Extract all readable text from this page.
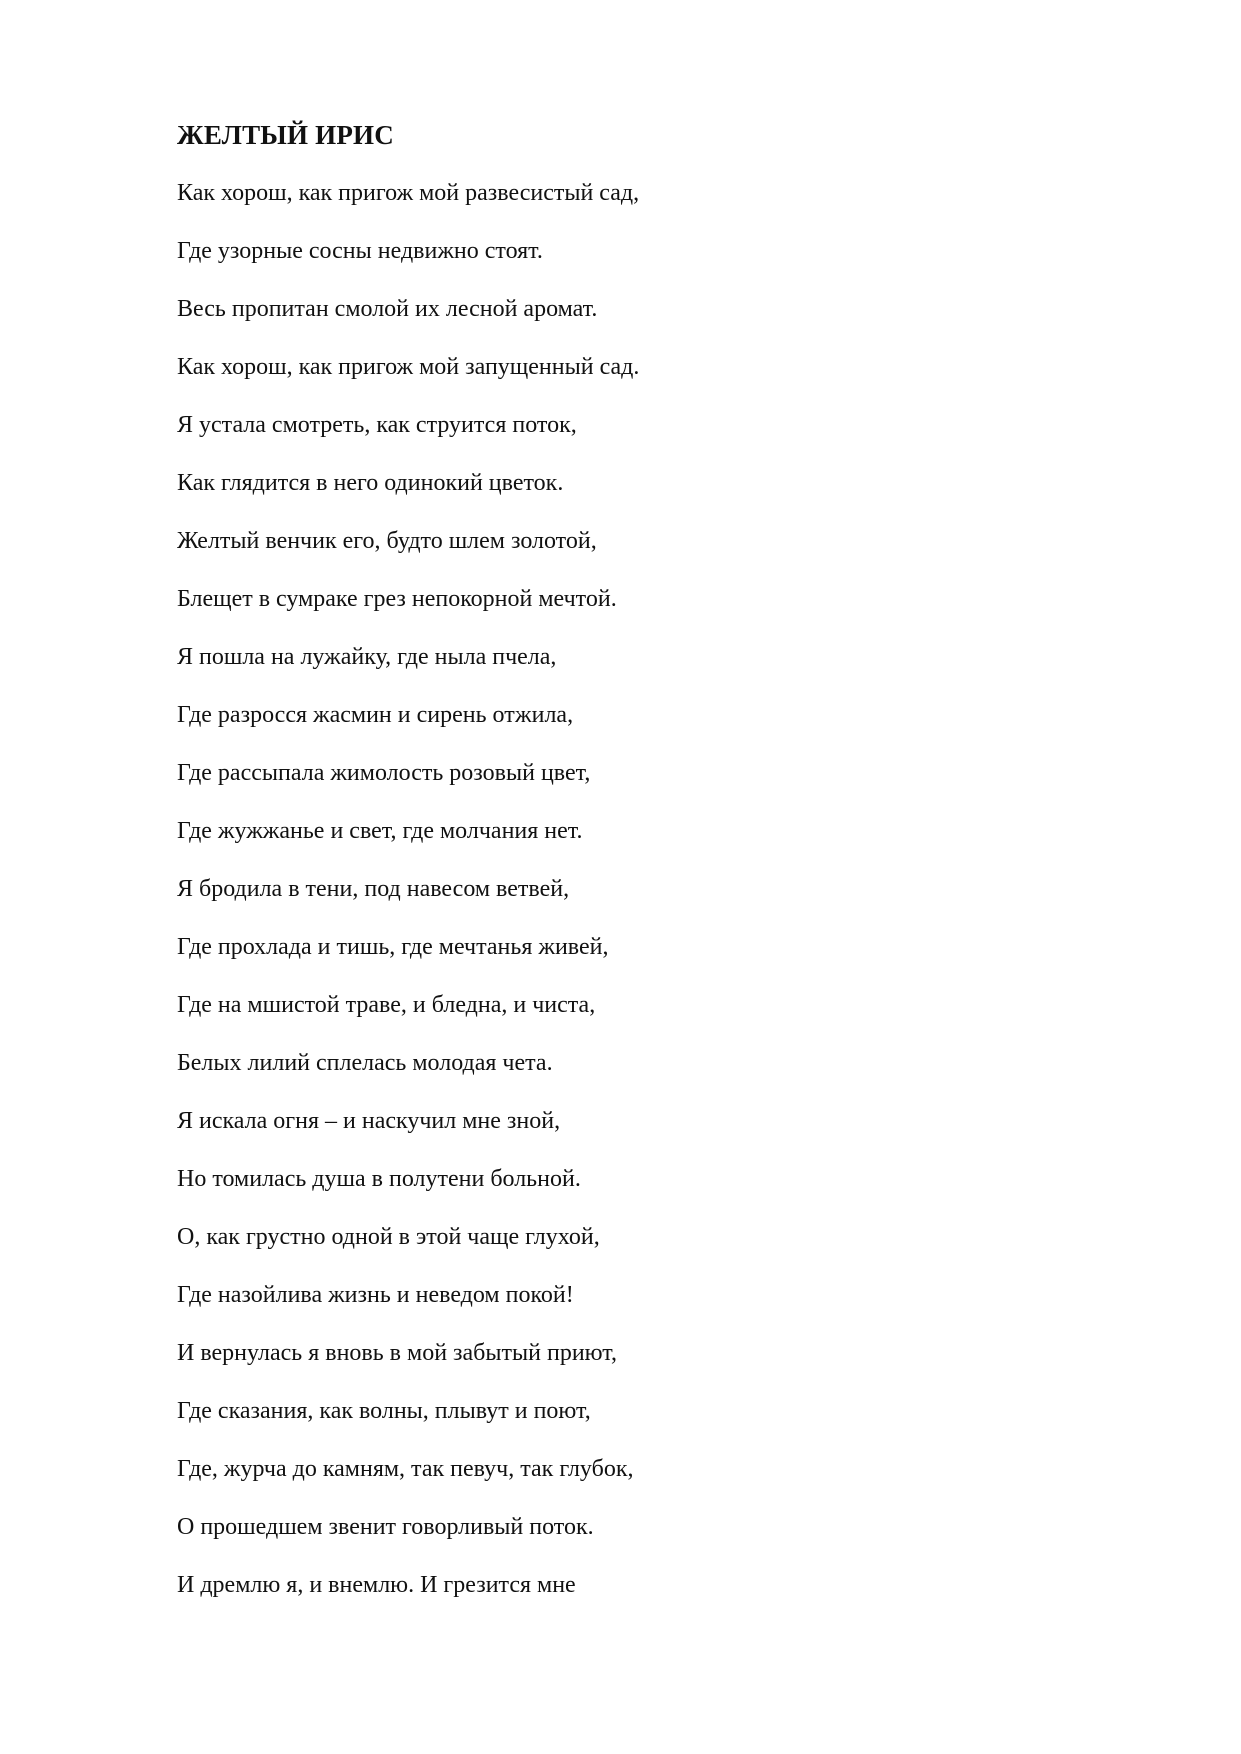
ЖЕЛТЫЙ ИРИС
Как хорош, как пригож мой развесистый сад,
Где узорные сосны недвижно стоят.
Весь пропитан смолой их лесной аромат.
Как хорош, как пригож мой запущенный сад.
Я устала смотреть, как струится поток,
Как глядится в него одинокий цветок.
Желтый венчик его, будто шлем золотой,
Блещет в сумраке грез непокорной мечтой.
Я пошла на лужайку, где ныла пчела,
Где разросся жасмин и сирень отжила,
Где рассыпала жимолость розовый цвет,
Где жужжанье и свет, где молчания нет.
Я бродила в тени, под навесом ветвей,
Где прохлада и тишь, где мечтанья живей,
Где на мшистой траве, и бледна, и чиста,
Белых лилий сплелась молодая чета.
Я искала огня – и наскучил мне зной,
Но томилась душа в полутени больной.
О, как грустно одной в этой чаще глухой,
Где назойлива жизнь и неведом покой!
И вернулась я вновь в мой забытый приют,
Где сказания, как волны, плывут и поют,
Где, журча до камням, так певуч, так глубок,
О прошедшем звенит говорливый поток.
И дремлю я, и внемлю. И грезится мне
